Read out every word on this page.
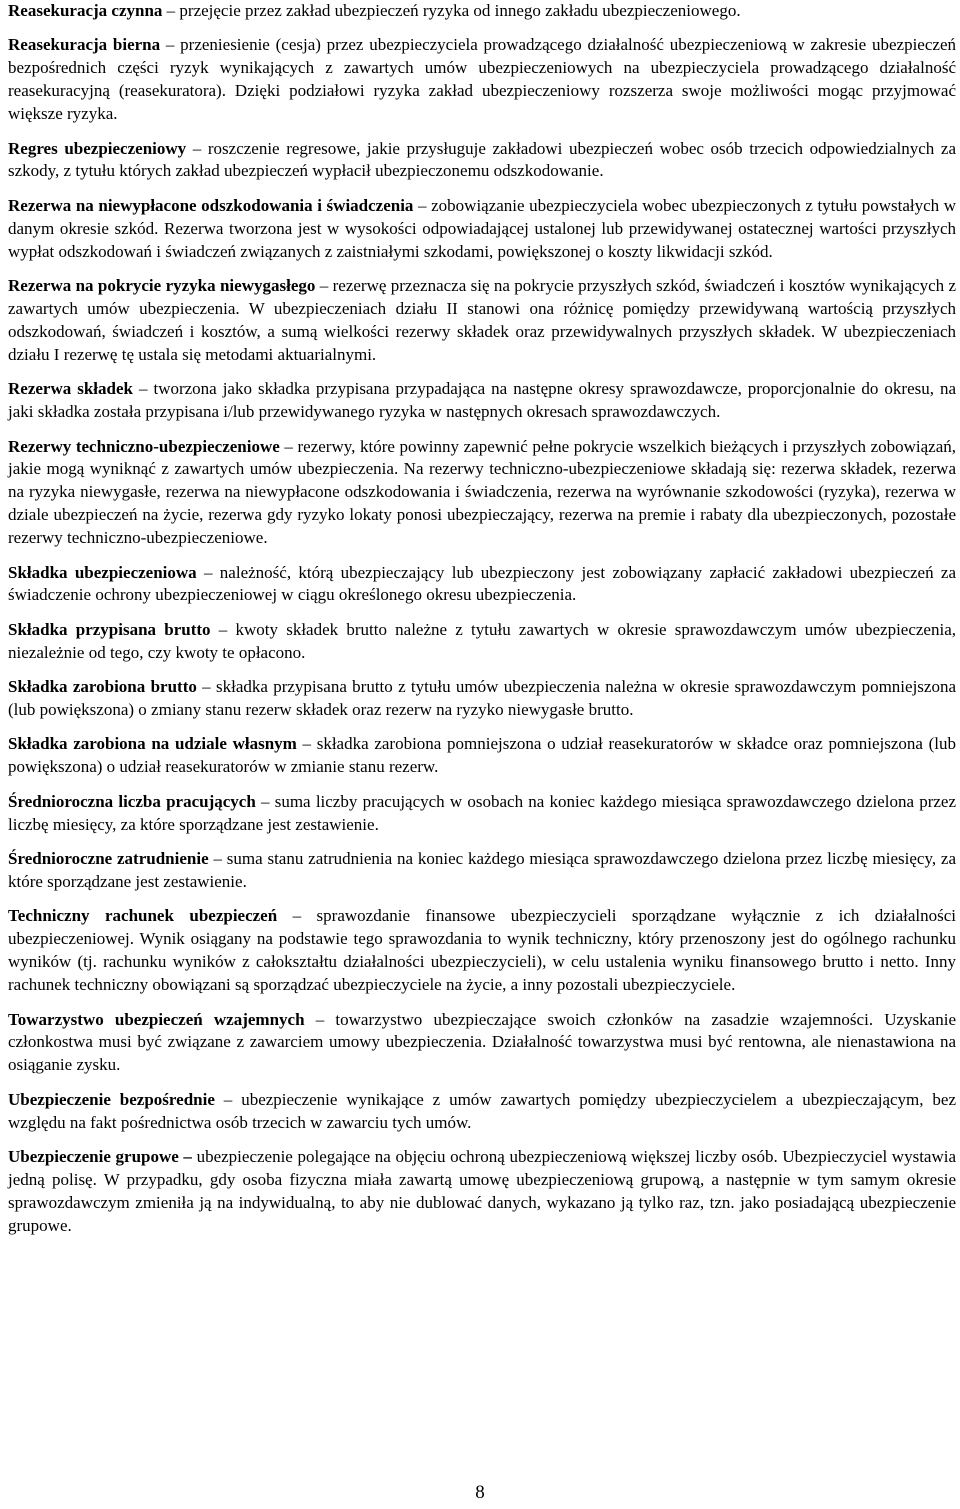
Reasekuracja czynna – przejęcie przez zakład ubezpieczeń ryzyka od innego zakładu ubezpieczeniowego.

Reasekuracja bierna – przeniesienie (cesja) przez ubezpieczyciela prowadzącego działalność ubezpieczeniową w zakresie ubezpieczeń bezpośrednich części ryzyk wynikających z zawartych umów ubezpieczeniowych na ubezpieczyciela prowadzącego działalność reasekuracyjną (reasekuratora). Dzięki podziałowi ryzyka zakład ubezpieczeniowy rozszerza swoje możliwości mogąc przyjmować większe ryzyka.

Regres ubezpieczeniowy – roszczenie regresowe, jakie przysługuje zakładowi ubezpieczeń wobec osób trzecich odpowiedzialnych za szkody, z tytułu których zakład ubezpieczeń wypłacił ubezpieczonemu odszkodowanie.

Rezerwa na niewypłacone odszkodowania i świadczenia – zobowiązanie ubezpieczyciela wobec ubezpieczonych z tytułu powstałych w danym okresie szkód. Rezerwa tworzona jest w wysokości odpowiadającej ustalonej lub przewidywanej ostatecznej wartości przyszłych wypłat odszkodowań i świadczeń związanych z zaistniałymi szkodami, powiększonej o koszty likwidacji szkód.

Rezerwa na pokrycie ryzyka niewygasłego – rezerwę przeznacza się na pokrycie przyszłych szkód, świadczeń i kosztów wynikających z zawartych umów ubezpieczenia. W ubezpieczeniach działu II stanowi ona różnicę pomiędzy przewidywaną wartością przyszłych odszkodowań, świadczeń i kosztów, a sumą wielkości rezerwy składek oraz przewidywalnych przyszłych składek. W ubezpieczeniach działu I rezerwę tę ustala się metodami aktuarialnymi.

Rezerwa składek – tworzona jako składka przypisana przypadająca na następne okresy sprawozdawcze, proporcjonalnie do okresu, na jaki składka została przypisana i/lub przewidywanego ryzyka w następnych okresach sprawozdawczych.

Rezerwy techniczno-ubezpieczeniowe – rezerwy, które powinny zapewnić pełne pokrycie wszelkich bieżących i przyszłych zobowiązań, jakie mogą wyniknąć z zawartych umów ubezpieczenia. Na rezerwy techniczno-ubezpieczeniowe składają się: rezerwa składek, rezerwa na ryzyka niewygasłe, rezerwa na niewypłacone odszkodowania i świadczenia, rezerwa na wyrównanie szkodowości (ryzyka), rezerwa w dziale ubezpieczeń na życie, rezerwa gdy ryzyko lokaty ponosi ubezpieczający, rezerwa na premie i rabaty dla ubezpieczonych, pozostałe rezerwy techniczno-ubezpieczeniowe.

Składka ubezpieczeniowa – należność, którą ubezpieczający lub ubezpieczony jest zobowiązany zapłacić zakładowi ubezpieczeń za świadczenie ochrony ubezpieczeniowej w ciągu określonego okresu ubezpieczenia.

Składka przypisana brutto – kwoty składek brutto należne z tytułu zawartych w okresie sprawozdawczym umów ubezpieczenia, niezależnie od tego, czy kwoty te opłacono.

Składka zarobiona brutto – składka przypisana brutto z tytułu umów ubezpieczenia należna w okresie sprawozdawczym pomniejszona (lub powiększona) o zmiany stanu rezerw składek oraz rezerw na ryzyko niewygasłe brutto.

Składka zarobiona na udziale własnym – składka zarobiona pomniejszona o udział reasekuratorów w składce oraz pomniejszona (lub powiększona) o udział reasekuratorów w zmianie stanu rezerw.

Średnioroczna liczba pracujących – suma liczby pracujących w osobach na koniec każdego miesiąca sprawozdawczego dzielona przez liczbę miesięcy, za które sporządzane jest zestawienie.

Średnioroczne zatrudnienie – suma stanu zatrudnienia na koniec każdego miesiąca sprawozdawczego dzielona przez liczbę miesięcy, za które sporządzane jest zestawienie.

Techniczny rachunek ubezpieczeń – sprawozdanie finansowe ubezpieczycieli sporządzane wyłącznie z ich działalności ubezpieczeniowej. Wynik osiągany na podstawie tego sprawozdania to wynik techniczny, który przenoszony jest do ogólnego rachunku wyników (tj. rachunku wyników z całokształtu działalności ubezpieczycieli), w celu ustalenia wyniku finansowego brutto i netto. Inny rachunek techniczny obowiązani są sporządzać ubezpieczyciele na życie, a inny pozostali ubezpieczyciele.

Towarzystwo ubezpieczeń wzajemnych – towarzystwo ubezpieczające swoich członków na zasadzie wzajemności. Uzyskanie członkostwa musi być związane z zawarciem umowy ubezpieczenia. Działalność towarzystwa musi być rentowna, ale nienastawiona na osiąganie zysku.

Ubezpieczenie bezpośrednie – ubezpieczenie wynikające z umów zawartych pomiędzy ubezpieczycielem a ubezpieczającym, bez względu na fakt pośrednictwa osób trzecich w zawarciu tych umów.

Ubezpieczenie grupowe – ubezpieczenie polegające na objęciu ochroną ubezpieczeniową większej liczby osób. Ubezpieczyciel wystawia jedną polisę. W przypadku, gdy osoba fizyczna miała zawartą umowę ubezpieczeniową grupową, a następnie w tym samym okresie sprawozdawczym zmieniła ją na indywidualną, to aby nie dublować danych, wykazano ją tylko raz, tzn. jako posiadającą ubezpieczenie grupowe.

8
